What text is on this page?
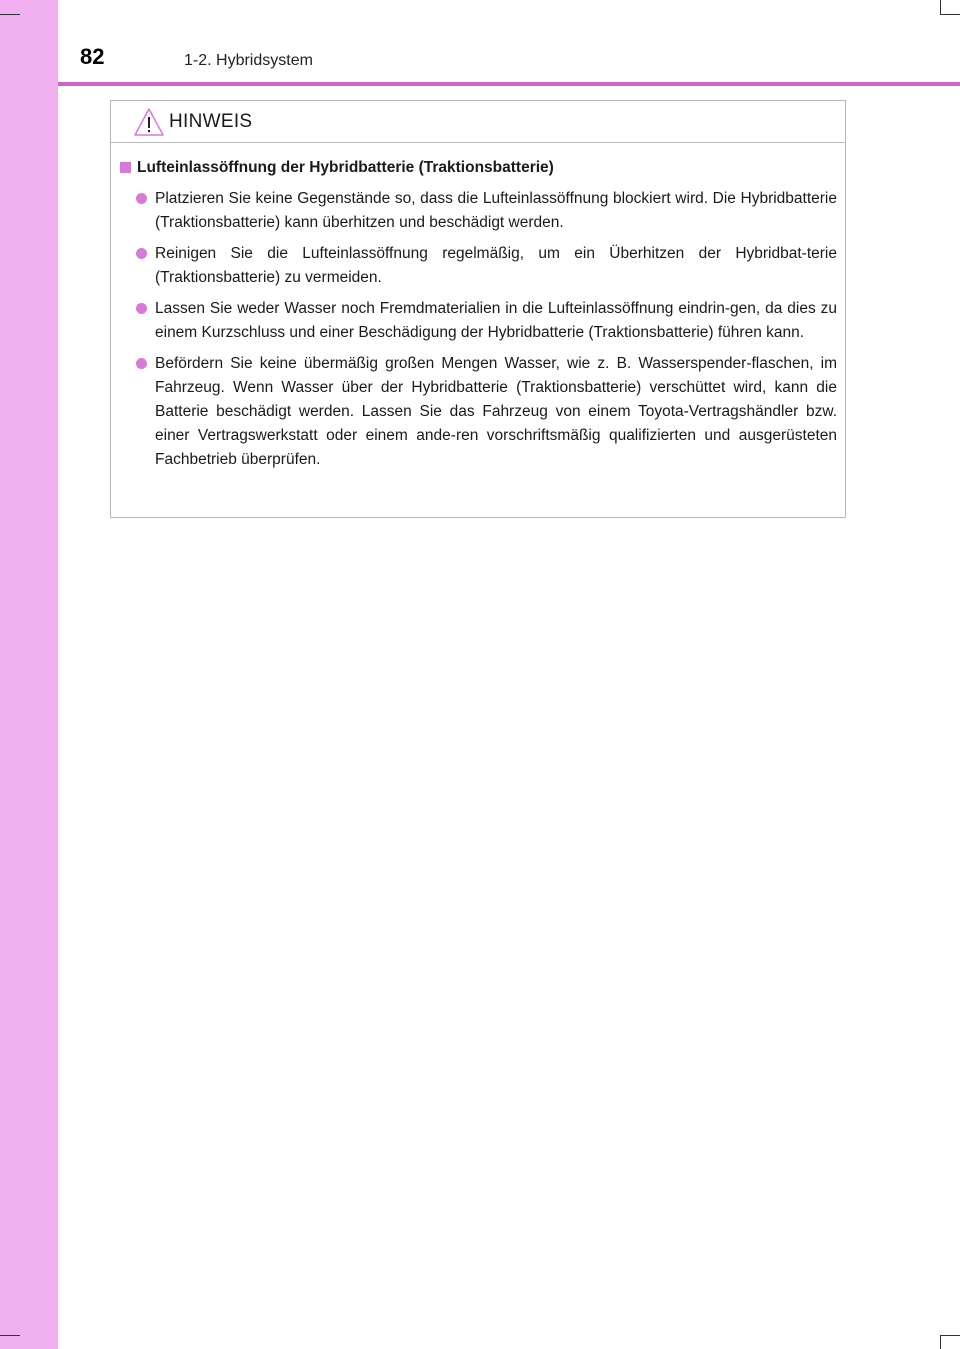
82	1-2. Hybridsystem
HINWEIS
Lufteinlassöffnung der Hybridbatterie (Traktionsbatterie)
Platzieren Sie keine Gegenstände so, dass die Lufteinlassöffnung blockiert wird. Die Hybridbatterie (Traktionsbatterie) kann überhitzen und beschädigt werden.
Reinigen Sie die Lufteinlassöffnung regelmäßig, um ein Überhitzen der Hybridbat-terie (Traktionsbatterie) zu vermeiden.
Lassen Sie weder Wasser noch Fremdmaterialien in die Lufteinlassöffnung eindrin-gen, da dies zu einem Kurzschluss und einer Beschädigung der Hybridbatterie (Traktionsbatterie) führen kann.
Befördern Sie keine übermäßig großen Mengen Wasser, wie z. B. Wasserspender-flaschen, im Fahrzeug. Wenn Wasser über der Hybridbatterie (Traktionsbatterie) verschüttet wird, kann die Batterie beschädigt werden. Lassen Sie das Fahrzeug von einem Toyota-Vertragshändler bzw. einer Vertragswerkstatt oder einem ande-ren vorschriftsmäßig qualifizierten und ausgerüsteten Fachbetrieb überprüfen.
